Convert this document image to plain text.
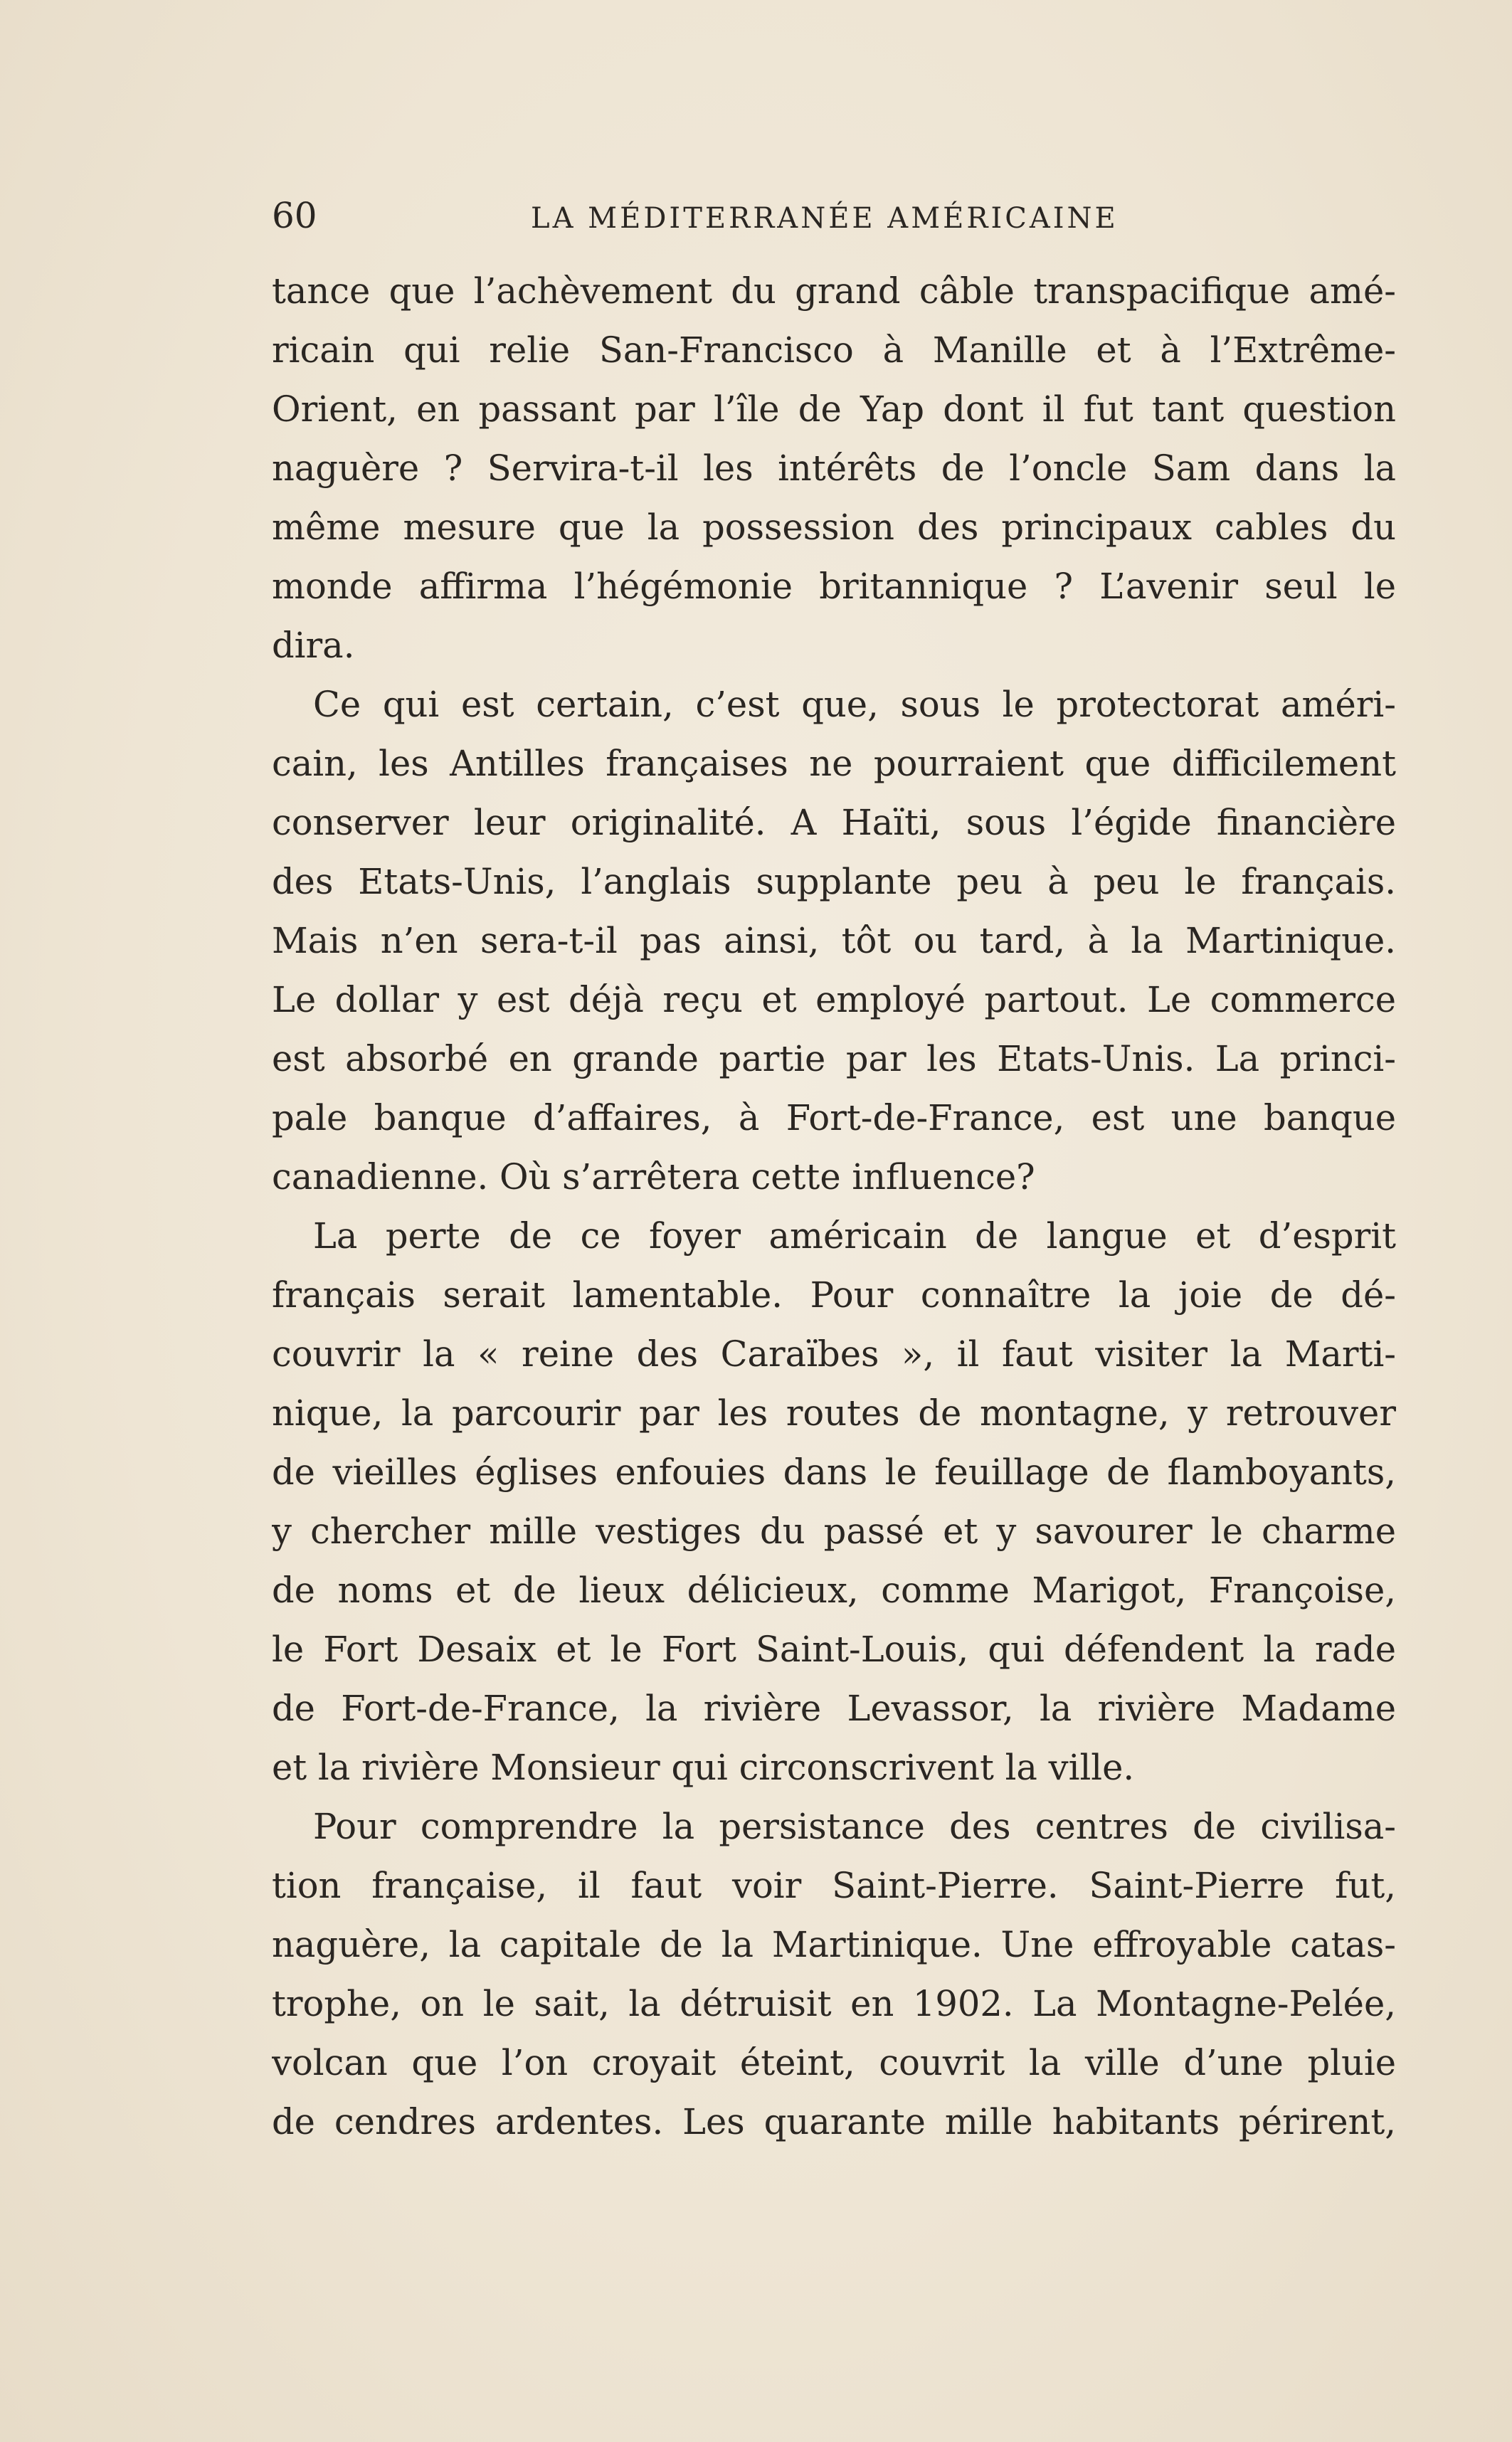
60	LA MÉDITERRANÉE AMÉRICAINE
tance que l’achèvement du grand câble transpacifique amé-
ricain qui relie San-Francisco à Manille et à l’Extrême-
Orient, en passant par l’île de Yap dont il fut tant question
naguère ? Servira-t-il les intérêts de l’oncle Sam dans la
même mesure que la possession des principaux cables du
monde affirma l’hégémonie britannique ? L’avenir seul le
dira.
Ce qui est certain, c’est que, sous le protectorat améri-
cain, les Antilles françaises ne pourraient que difficilement
conserver leur originalité. A Haïti, sous l’égide financière
des Etats-Unis, l’anglais supplante peu à peu le français.
Mais n’en sera-t-il pas ainsi, tôt ou tard, à la Martinique.
Le dollar y est déjà reçu et employé partout. Le commerce
est absorbé en grande partie par les Etats-Unis. La princi-
pale banque d’affaires, à Fort-de-France, est une banque
canadienne. Où s’arrêtera cette influence?
La perte de ce foyer américain de langue et d’esprit
français serait lamentable. Pour connaître la joie de dé-
couvrir la « reine des Caraïbes », il faut visiter la Marti-
nique, la parcourir par les routes de montagne, y retrouver
de vieilles églises enfouies dans le feuillage de flamboyants,
y chercher mille vestiges du passé et y savourer le charme
de noms et de lieux délicieux, comme Marigot, Françoise,
le Fort Desaix et le Fort Saint-Louis, qui défendent la rade
de Fort-de-France, la rivière Levassor, la rivière Madame
et la rivière Monsieur qui circonscrivent la ville.
Pour comprendre la persistance des centres de civilisa-
tion française, il faut voir Saint-Pierre. Saint-Pierre fut,
naguère, la capitale de la Martinique. Une effroyable catas-
trophe, on le sait, la détruisit en 1902. La Montagne-Pelée,
volcan que l’on croyait éteint, couvrit la ville d’une pluie
de cendres ardentes. Les quarante mille habitants périrent,
